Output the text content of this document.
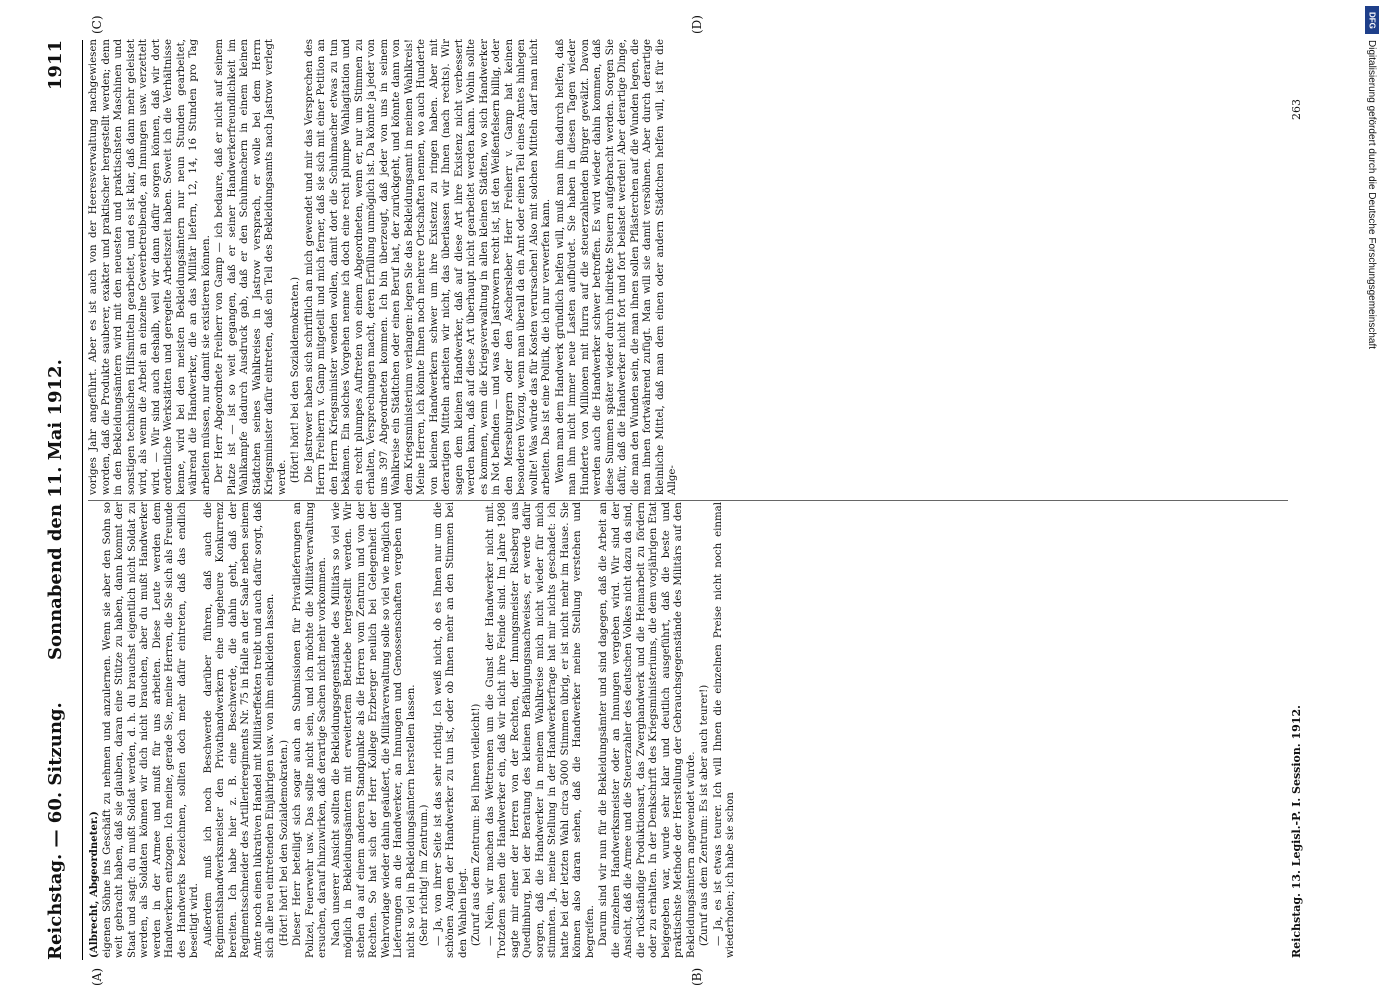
Reichstag. — 60. Sitzung.
Sonnabend den 11. Mai 1912.
1911
(A)	(B)
(C)	(D)

(Albrecht, Abgeordneter.) eigenen Söhne ins Geschäft zu nehmen und anzulernen. Wenn sie aber den Sohn so weit gebracht haben, daß sie glauben, daran eine Stütze zu haben, dann kommt der Staat und sagt: du mußt Soldat werden, d. h. du brauchst eigentlich nicht Soldat zu werden, als Soldaten können wir dich nicht brauchen, aber du mußt Handwerker werden in der Armee und mußt für uns arbeiten. Diese Leute werden dem Handwerkern entzogen. Ich meine, gerade Sie, meine Herren, die Sie sich als Freunde des Handwerks bezeichnen, sollten doch mehr dafür eintreten, daß das endlich beseitigt wird. Außerdem muß ich noch Beschwerde darüber führen, daß auch die Regimentshandwerksmeister den Privathandwerkern eine ungeheure Konkurrenz bereiten. Ich habe hier z. B. eine Beschwerde, die dahin geht, daß der Regimentsschneider des Artillerieregiments Nr. 75 in Halle an der Saale neben seinem Amte noch einen lukrativen Handel mit Militäreffekten treibt und auch dafür sorgt, daß sich alle neu eintretenden Einjährigen usw. von ihm einkleiden lassen. (Hört! hört! bei den Sozialdemokraten.) Dieser Herr beteiligt sich sogar auch an Submissionen für Privatlieferungen an Polizei, Feuerwehr usw. Das sollte nicht sein, und ich möchte die Militärverwaltung ersuchen, darauf hinzuwirken, daß derartige Sachen nicht mehr vorkommen. Nach unserer Ansicht sollten die Bekleidungsgegenstände des Militärs so viel wie möglich in Bekleidungsämtern mit erweitertem Betriebe hergestellt werden. Wir stehen da auf einem anderen Standpunkte als die Herren vom Zentrum und von der Rechten. So hat sich der Herr Kollege Erzberger neulich bei Gelegenheit der Wehrvorlage wieder dahin geäußert, die Militärverwaltung solle so viel wie möglich die Lieferungen an die Handwerker, an Innungen und Genossenschaften vergeben und nicht so viel in Bekleidungsämtern herstellen lassen. (Sehr richtig! im Zentrum.) — Ja, von ihrer Seite ist das sehr richtig. Ich weiß nicht, ob es Ihnen nur um die schönen Augen der Handwerker zu tun ist, oder ob Ihnen mehr an den Stimmen bei den Wahlen liegt. (Zuruf aus dem Zentrum: Bei Ihnen vielleicht!) — Nein, wir machen das Wettrennen um die Gunst der Handwerker nicht mit. Trotzdem sehen die Handwerker ein, daß wir nicht ihre Feinde sind. Im Jahre 1908 sagte mir einer der Herren von der Rechten, der Innungsmeister Riesberg aus Quedlinburg, bei der Beratung des kleinen Befähigungsnachweises, er werde dafür sorgen, daß die Handwerker in meinem Wahlkreise mich nicht wieder für mich stimmten. Ja, meine Stellung in der Handwerkerfrage hat mir nichts geschadet: ich hatte bei der letzten Wahl circa 5000 Stimmen übrig, er ist nicht mehr im Hause. Sie können also daran sehen, daß die Handwerker meine Stellung verstehen und begreifen. Darum sind wir nun für die Bekleidungsämter und sind dagegen, daß die Arbeit an die einzelnen Handwerksmeister oder an Innungen vergeben wird. Wir sind der Ansicht, daß die Armee und die Steuerzahler des deutschen Volkes nicht dazu da sind, die rückständige Produktionsart, das Zwerghandwerk und die Heimarbeit zu fördern oder zu erhalten. In der Denkschrift des Kriegsministeriums, die dem vorjährigen Etat beigegeben war, wurde sehr klar und deutlich ausgeführt, daß die beste und praktischste Methode der Herstellung der Gebrauchsgegenstände des Militärs auf den Bekleidungsämtern angewendet würde. (Zuruf aus dem Zentrum: Es ist aber auch teurer!) — Ja, es ist etwas teurer. Ich will Ihnen die einzelnen Preise nicht noch einmal wiederholen; ich habe sie schon

voriges Jahr angeführt. Aber es ist auch von der Heeresverwaltung nachgewiesen worden, daß die Produkte sauberer, exakter und praktischer hergestellt werden; denn in den Bekleidungsämtern wird mit den neuesten und praktischsten Maschinen und sonstigen technischen Hilfsmitteln gearbeitet, und es ist klar, daß dann mehr geleistet wird, als wenn die Arbeit an einzelne Gewerbetreibende, an Innungen usw. verzettelt wird. — Wir sind auch deshalb, weil wir dann dafür sorgen können, daß wir dort ordentliche Werkstätten und geregelte Arbeitszeit haben. Soweit ich die Verhältnisse kenne, wird bei den meisten Bekleidungsämtern nur neun Stunden gearbeitet, während die Handwerker, die an das Militär liefern, 12, 14, 16 Stunden pro Tag arbeiten müssen, nur damit sie existieren können. Der Herr Abgeordnete Freiherr von Gamp — ich bedaure, daß er nicht auf seinem Platze ist — ist so weit gegangen, daß er seiner Handwerkerfreundlichkeit im Wahlkampfe dadurch Ausdruck gab, daß er den Schuhmachern in einem kleinen Städtchen seines Wahlkreises in Jastrow versprach, er wolle bei dem Herrn Kriegsminister dafür eintreten, daß ein Teil des Bekleidungsamts nach Jastrow verlegt werde. (Hört! hört! bei den Sozialdemokraten.) Die Jastrower haben sich schriftlich an mich gewendet und mir das Versprechen des Herrn Freiherrn v. Gamp mitgeteilt und mich ferner, daß sie sich mit einer Petition an den Herrn Kriegsminister wenden wollen, damit dort die Schuhmacher etwas zu tun bekämen. Ein solches Vorgehen nenne ich doch eine recht plumpe Wahlagitation und ein recht plumpes Auftreten von einem Abgeordneten, wenn er, nur um Stimmen zu erhalten, Versprechungen macht, deren Erfüllung unmöglich ist. Da könnte ja jeder von uns 397 Abgeordneten kommen. Ich bin überzeugt, daß jeder von uns in seinem Wahlkreise ein Städtchen oder einen Beruf hat, der zurückgeht, und könnte dann von dem Kriegsministerium verlangen: legen Sie das Bekleidungsamt in meinen Wahlkreis! Meine Herren, ich könnte Ihnen noch mehrere Ortschaften nennen, wo auch Hunderte von kleinen Handwerkern schwer um ihre Existenz zu ringen haben. Aber mit derartigen Mitteln arbeiten wir nicht, das überlassen wir Ihnen (nach rechts). Wir sagen dem kleinen Handwerker, daß auf diese Art ihre Existenz nicht verbessert werden kann, daß auf diese Art überhaupt nicht gearbeitet werden kann. Wohin sollte es kommen, wenn die Kriegsverwaltung in allen kleinen Städten, wo sich Handwerker in Not befinden — und was den Jastrowern recht ist, ist den Weißenfelsern billig, oder den Merseburgern oder den Aschersleber Herr Freiherr v. Gamp hat keinen besonderen Vorzug, wenn man überall da ein Amt oder einen Teil eines Amtes hinlegen wollte! Was würde das für Kosten verursachen! Also mit solchen Mitteln darf man nicht arbeiten. Das ist eine Politik, die ich nur verwerfen kann. Wenn man dem Handwerk gründlich helfen will, muß man ihm dadurch helfen, daß man ihm nicht immer neue Lasten aufbürdet. Sie haben in diesen Tagen wieder Hunderte von Millionen mit Hurra auf die steuerzahlenden Bürger gewälzt. Davon werden auch die Handwerker schwer betroffen. Es wird wieder dahin kommen, daß diese Summen später wieder durch indirekte Steuern aufgebracht werden. Sorgen Sie dafür, daß die Handwerker nicht fort und fort belastet werden! Aber derartige Dinge, die man den Wunden sein, die man ihnen sollen Pflästerchen auf die Wunden legen, die man ihnen fortwährend zufügt. Man will sie damit versöhnen. Aber durch derartige kleinliche Mittel, daß man dem einen oder andern Städtchen helfen will, ist für die Allge-

Reichstag. 13. Legisl.-P. I. Session. 1912.
263
DFG
Digitalisierung gefördert durch die Deutsche Forschungsgemeinschaft
